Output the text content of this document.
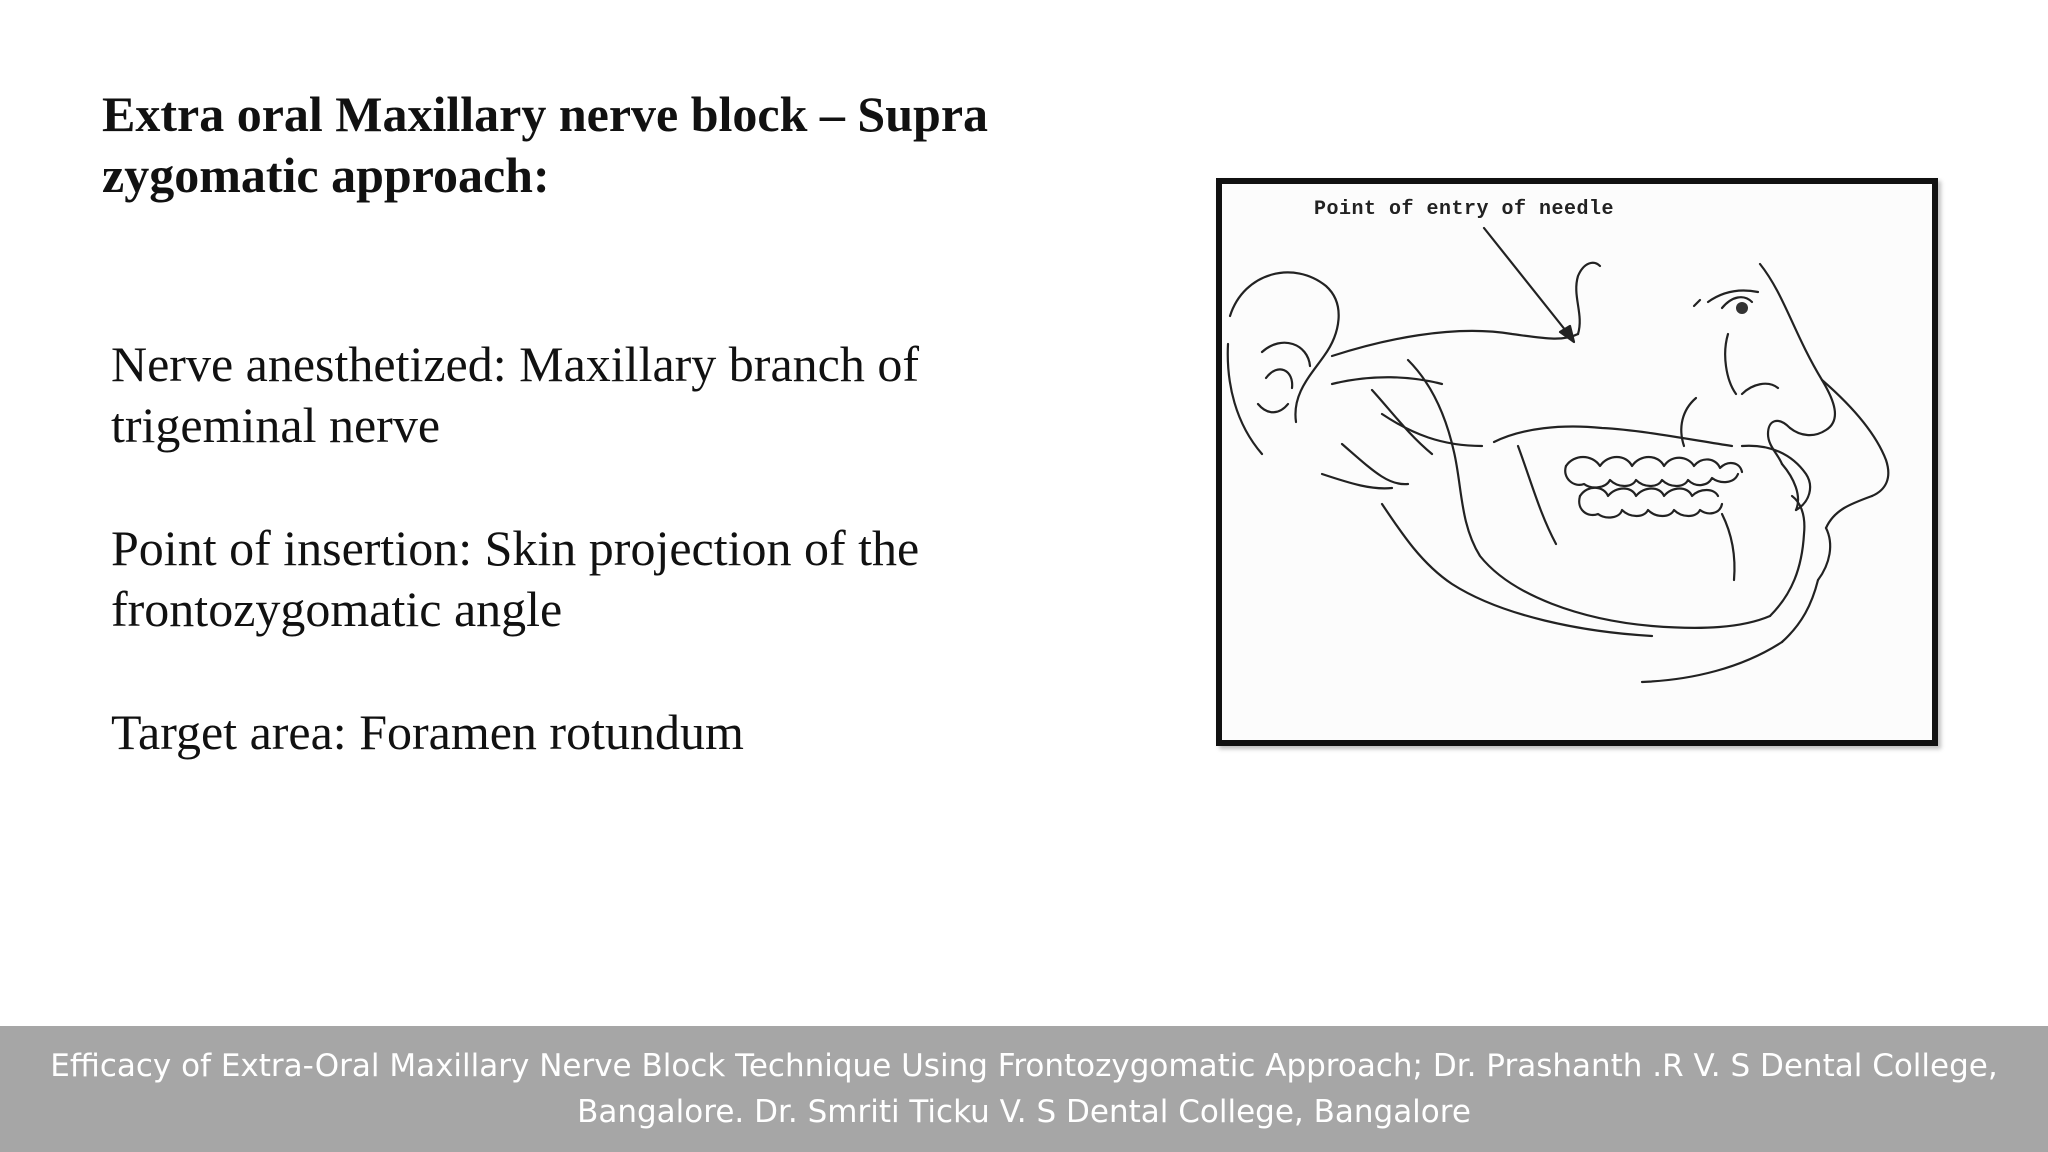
Extra oral Maxillary nerve block – Supra zygomatic approach:
Nerve anesthetized: Maxillary branch of trigeminal nerve
Point of insertion: Skin projection of the frontozygomatic angle
Target area: Foramen rotundum
Point of entry of needle
Efficacy of Extra-Oral Maxillary Nerve Block Technique Using Frontozygomatic Approach; Dr. Prashanth .R V. S Dental College, Bangalore. Dr. Smriti Ticku V. S Dental College, Bangalore
